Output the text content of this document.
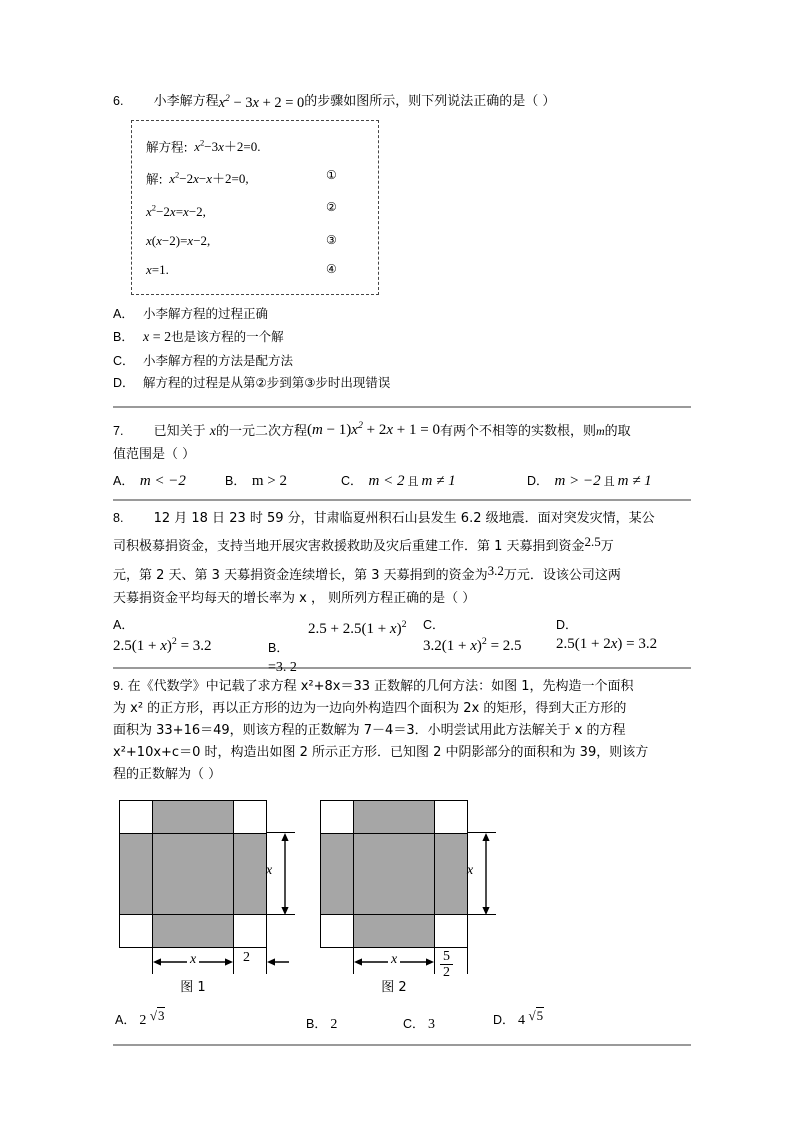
6. 小李解方程$x^2 - 3x + 2 = 0$的步骤如图所示，则下列说法正确的是（ ）
解方程: $x^2-3x+2=0$.
解: $x^2-2x-x+2=0$,	①
$x^2-2x=x-2$,	②
x(x−2)=x−2,	③
x=1.	④
A． 小李解方程的过程正确
B． x = 2 也是该方程的一个解
C． 小李解方程的方法是配方法
D． 解方程的过程是从第②步到第③步时出现错误
7. 已知关于 x的一元二次方程$(m - 1)x^2 + 2x + 1 = 0$有两个不相等的实数根，则m的取
值范围是（ ）
A． m < −2	B． m > 2	C． m < 2 且 m ≠ 1	D． m > −2 且 m ≠ 1
8. 12 月 18 日 23 时 59 分，甘肃临夏州积石山县发生 6.2 级地震．面对突发灾情，某公
司积极募捐资金，支持当地开展灾害救援救助及灾后重建工作．第 1 天募捐到资金2.5万
元，第 2 天、第 3 天募捐资金连续增长，第 3 天募捐到的资金为3.2万元．设该公司这两
天募捐资金平均每天的增长率为 x ， 则所列方程正确的是（ ）
A．
$2.5(1 + x)^2 = 3.2$
$2.5 + 2.5(1 + x)^2$
B．
=3. 2
C．
$3.2(1 + x)^2 = 2.5$
D．
2.5(1 + 2x) = 3.2
9. 在《代数学》中记载了求方程 x²+8x＝33 正数解的几何方法：如图 1，先构造一个面积
为 x² 的正方形，再以正方形的边为一边向外构造四个面积为 2x 的矩形，得到大正方形的
面积为 33+16＝49，则该方程的正数解为 7－4＝3．小明尝试用此方法解关于 x 的方程
x²+10x+c＝0 时，构造出如图 2 所示正方形．已知图 2 中阴影部分的面积和为 39，则该方
程的正数解为（ ）
x
x	2
图 1
x
x	5
2
图 2
A． 2 √3
B． 2	C． 3	D． 4 √5
